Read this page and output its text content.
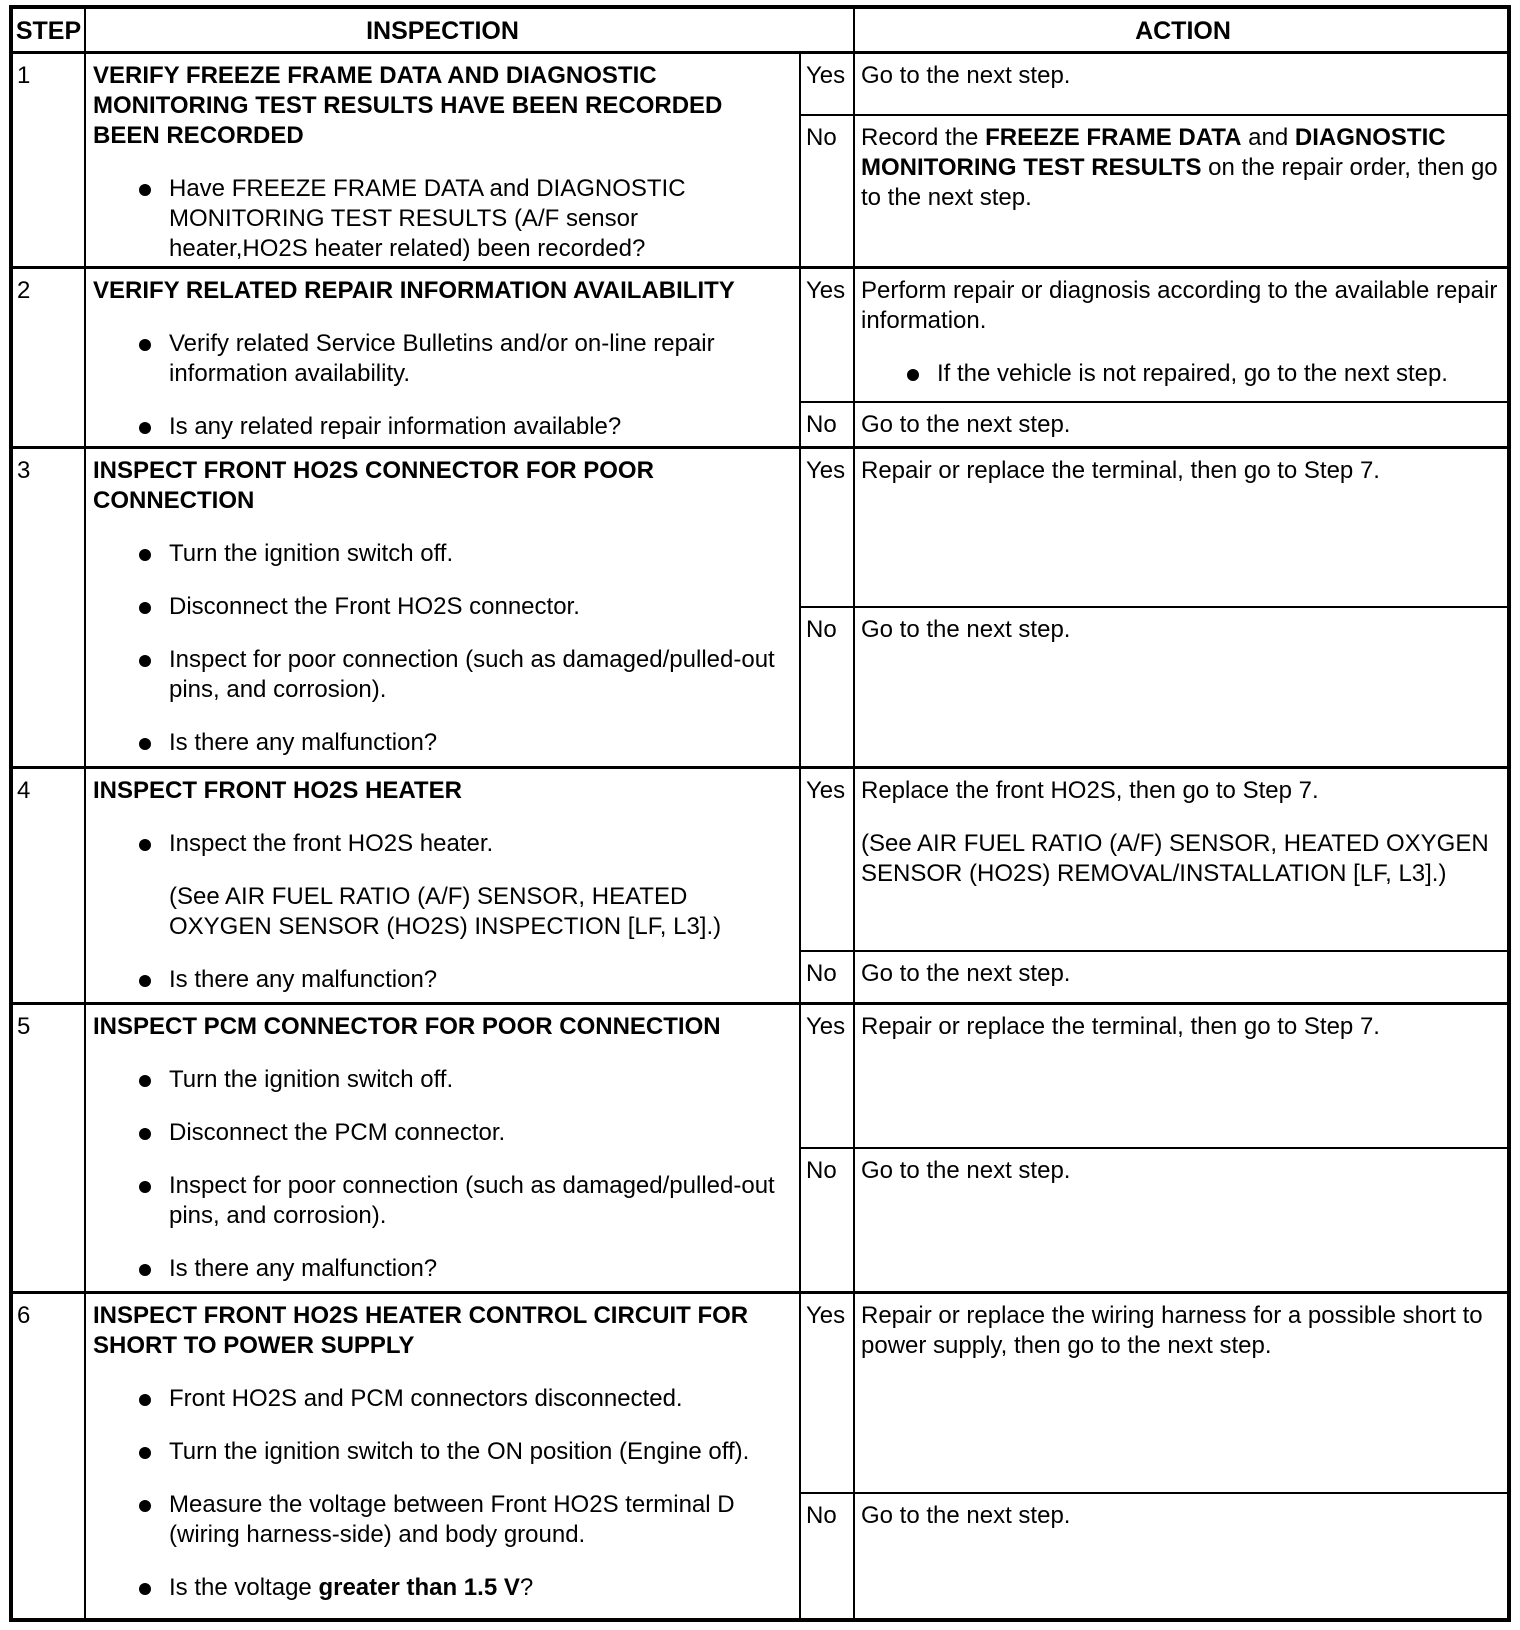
STEP	INSPECTION	ACTION
1	VERIFY FREEZE FRAME DATA AND DIAGNOSTIC MONITORING TEST RESULTS HAVE BEEN RECORDED BEEN RECORDED
Have FREEZE FRAME DATA and DIAGNOSTIC MONITORING TEST RESULTS (A/F sensor heater,HO2S heater related) been recorded?
Yes Go to the next step.
No	Record the FREEZE FRAME DATA and DIAGNOSTIC MONITORING TEST RESULTS on the repair order, then go to the next step.
2	VERIFY RELATED REPAIR INFORMATION AVAILABILITY
Verify related Service Bulletins and/or on-line repair information availability.
Is any related repair information available?
Yes Perform repair or diagnosis according to the available repair information.
If the vehicle is not repaired, go to the next step.
No	Go to the next step.
3	INSPECT FRONT HO2S CONNECTOR FOR POOR CONNECTION
Turn the ignition switch off.
Disconnect the Front HO2S connector.
Inspect for poor connection (such as damaged/pulled-out pins, and corrosion).
Is there any malfunction?
Yes Repair or replace the terminal, then go to Step 7.
No	Go to the next step.
4	INSPECT FRONT HO2S HEATER
Inspect the front HO2S heater.
(See AIR FUEL RATIO (A/F) SENSOR, HEATED OXYGEN SENSOR (HO2S) INSPECTION [LF, L3].)
Is there any malfunction?
Yes Replace the front HO2S, then go to Step 7.
(See AIR FUEL RATIO (A/F) SENSOR, HEATED OXYGEN SENSOR (HO2S) REMOVAL/INSTALLATION [LF, L3].)
No	Go to the next step.
5	INSPECT PCM CONNECTOR FOR POOR CONNECTION
Turn the ignition switch off.
Disconnect the PCM connector.
Inspect for poor connection (such as damaged/pulled-out pins, and corrosion).
Is there any malfunction?
Yes Repair or replace the terminal, then go to Step 7.
No	Go to the next step.
6	INSPECT FRONT HO2S HEATER CONTROL CIRCUIT FOR SHORT TO POWER SUPPLY
Front HO2S and PCM connectors disconnected.
Turn the ignition switch to the ON position (Engine off).
Measure the voltage between Front HO2S terminal D (wiring harness-side) and body ground.
Is the voltage greater than 1.5 V?
Yes Repair or replace the wiring harness for a possible short to power supply, then go to the next step.
No	Go to the next step.
